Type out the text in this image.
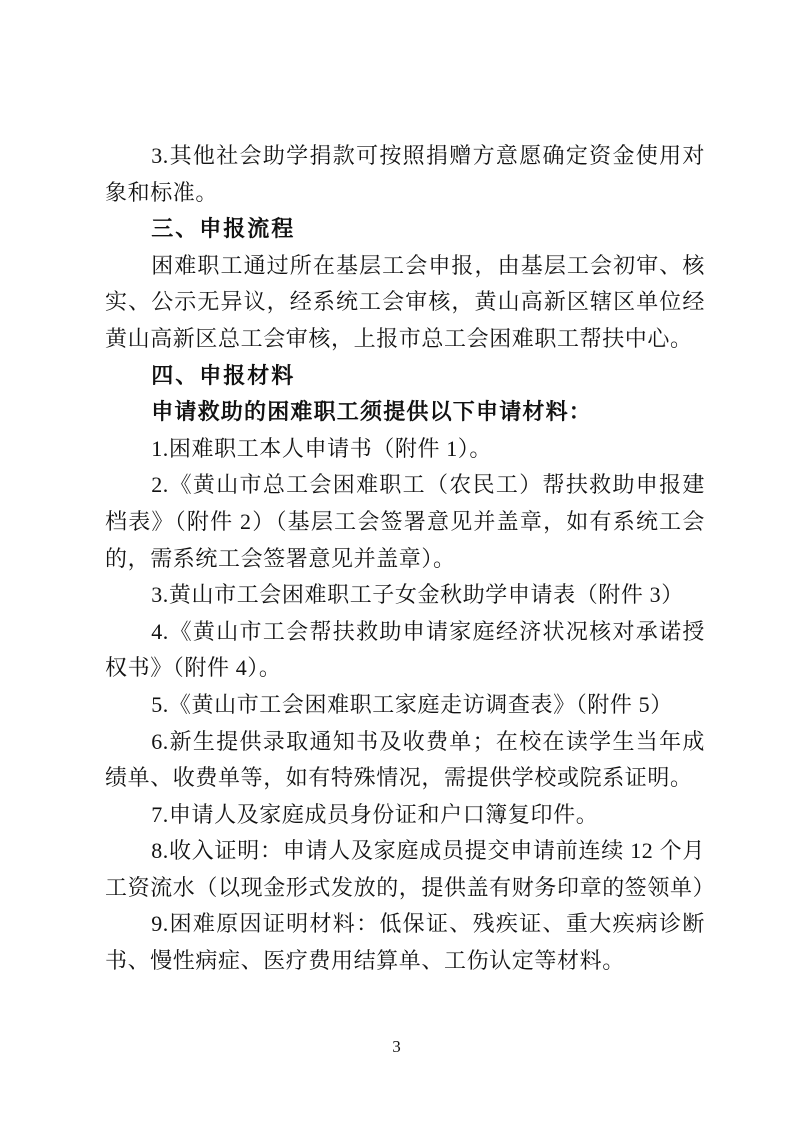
3.其他社会助学捐款可按照捐赠方意愿确定资金使用对象和标准。

三、申报流程

困难职工通过所在基层工会申报，由基层工会初审、核实、公示无异议，经系统工会审核，黄山高新区辖区单位经黄山高新区总工会审核，上报市总工会困难职工帮扶中心。

四、申报材料

申请救助的困难职工须提供以下申请材料：

1.困难职工本人申请书（附件 1）。

2.《黄山市总工会困难职工（农民工）帮扶救助申报建档表》（附件 2）（基层工会签署意见并盖章，如有系统工会的，需系统工会签署意见并盖章）。

3.黄山市工会困难职工子女金秋助学申请表（附件 3）

4.《黄山市工会帮扶救助申请家庭经济状况核对承诺授权书》（附件 4）。

5.《黄山市工会困难职工家庭走访调查表》（附件 5）

6.新生提供录取通知书及收费单；在校在读学生当年成绩单、收费单等，如有特殊情况，需提供学校或院系证明。

7.申请人及家庭成员身份证和户口簿复印件。

8.收入证明：申请人及家庭成员提交申请前连续 12 个月工资流水（以现金形式发放的，提供盖有财务印章的签领单）

9.困难原因证明材料：低保证、残疾证、重大疾病诊断书、慢性病症、医疗费用结算单、工伤认定等材料。

3
